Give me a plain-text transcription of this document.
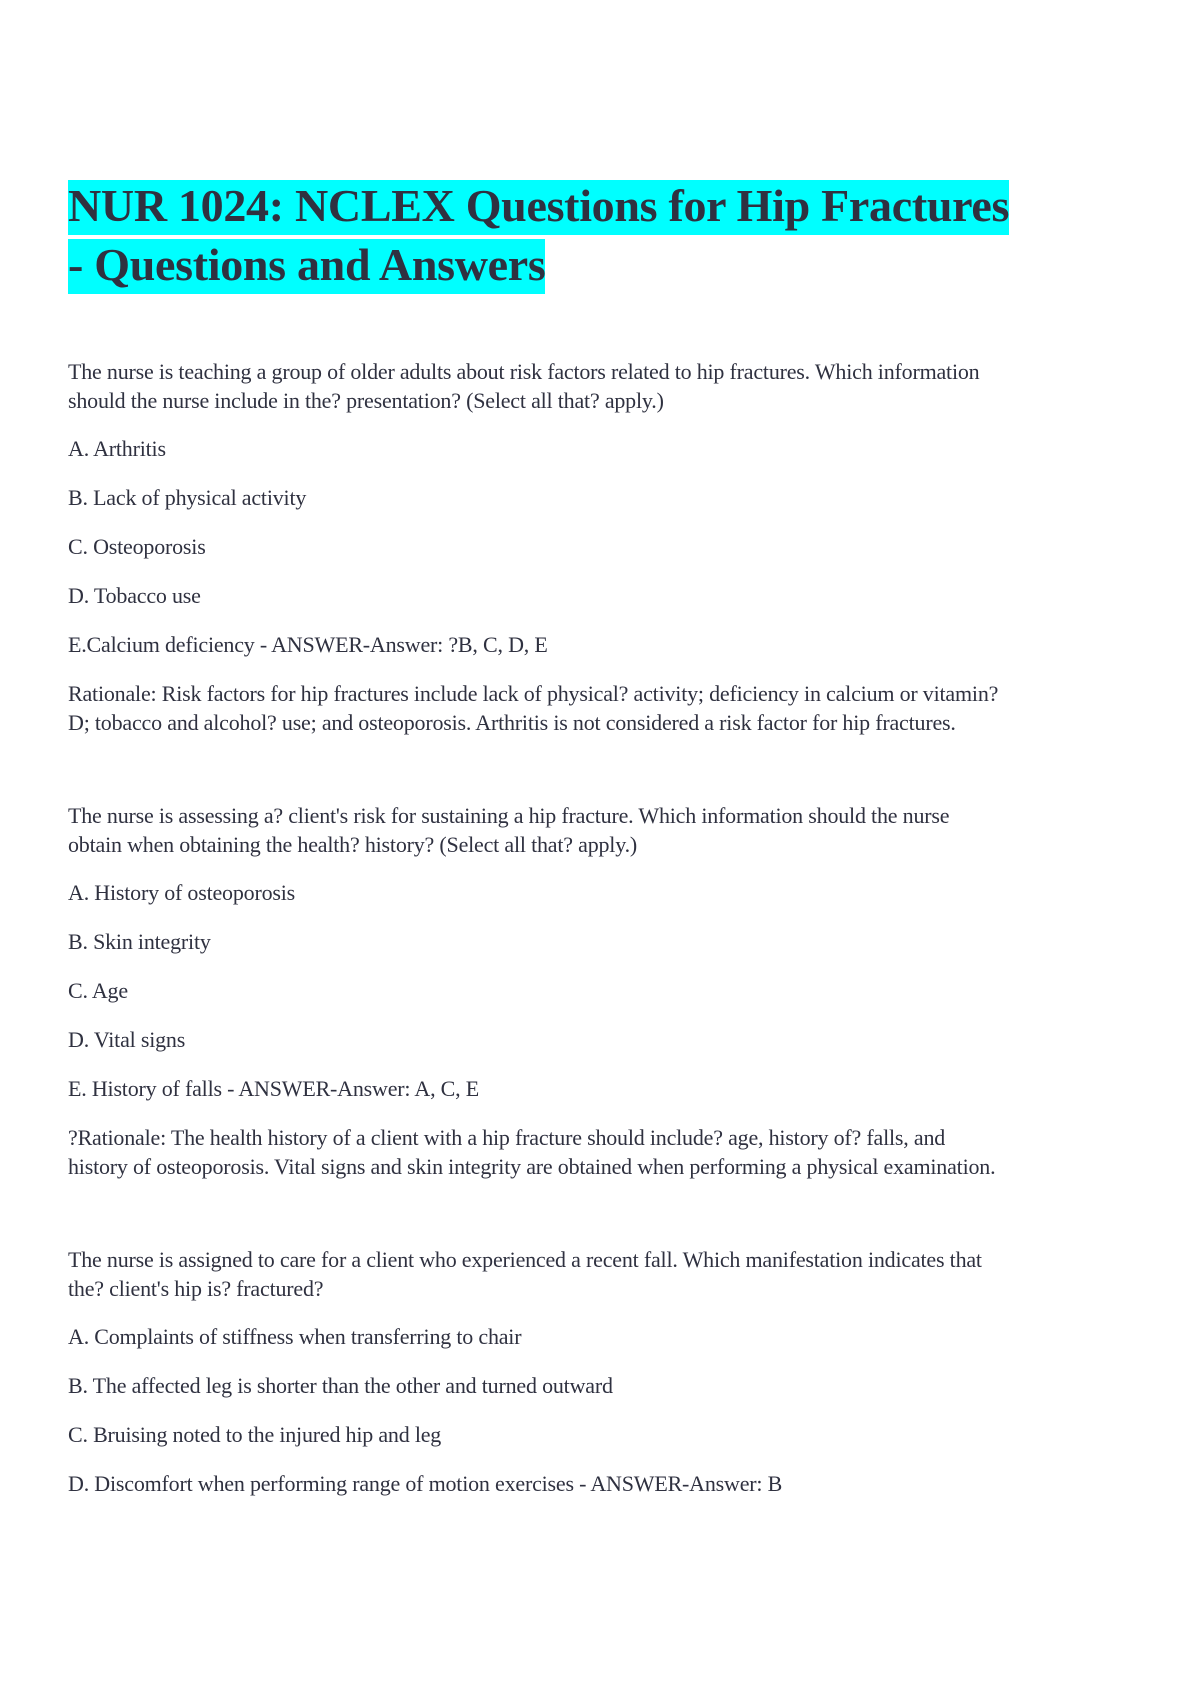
NUR 1024: NCLEX Questions for Hip Fractures
- Questions and Answers

The nurse is teaching a group of older adults about risk factors related to hip fractures. Which information

should the nurse include in the? presentation? (Select all that? apply.)

A. Arthritis

B. Lack of physical activity

C. Osteoporosis

D. Tobacco use

E.Calcium deficiency - ANSWER-Answer: ?B, C, D, E

Rationale: Risk factors for hip fractures include lack of physical? activity; deficiency in calcium or vitamin?

D; tobacco and alcohol? use; and osteoporosis. Arthritis is not considered a risk factor for hip fractures.

The nurse is assessing a? client's risk for sustaining a hip fracture. Which information should the nurse

obtain when obtaining the health? history? (Select all that? apply.)

A. History of osteoporosis

B. Skin integrity

C. Age

D. Vital signs

E. History of falls - ANSWER-Answer: A, C, E

?Rationale: The health history of a client with a hip fracture should include? age, history of? falls, and

history of osteoporosis. Vital signs and skin integrity are obtained when performing a physical examination.

The nurse is assigned to care for a client who experienced a recent fall. Which manifestation indicates that

the? client's hip is? fractured?

A. Complaints of stiffness when transferring to chair

B. The affected leg is shorter than the other and turned outward

C. Bruising noted to the injured hip and leg

D. Discomfort when performing range of motion exercises - ANSWER-Answer: B
